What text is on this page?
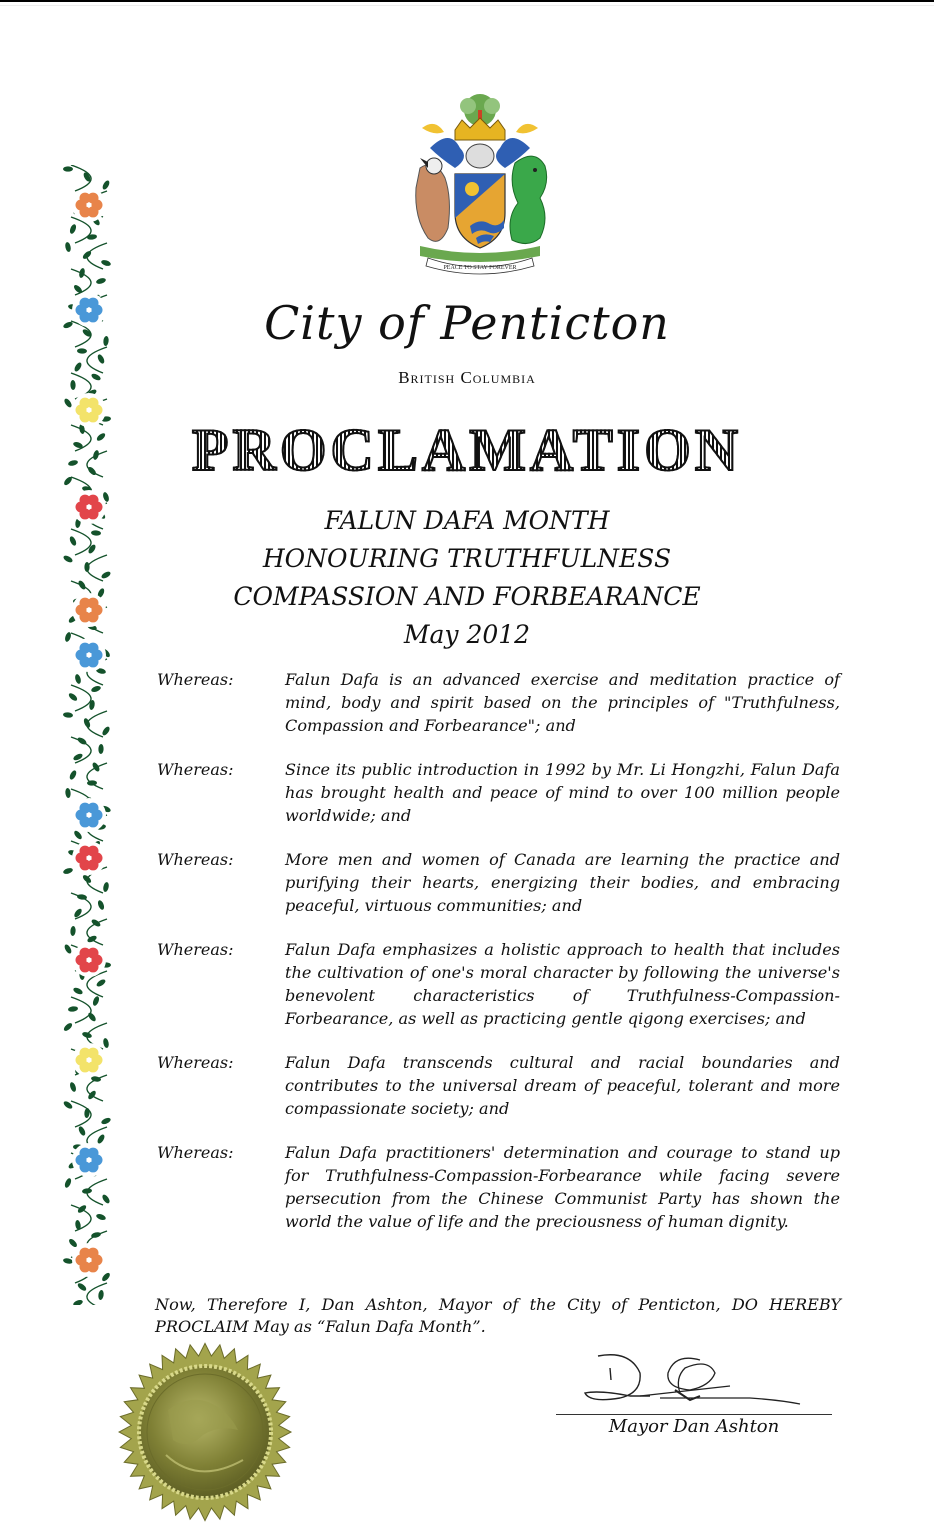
PEACE TO STAY FOREVER
City of Penticton
British Columbia
PROCLAMATION
FALUN DAFA MONTH
HONOURING TRUTHFULNESS
COMPASSION AND FORBEARANCE
May 2012
Whereas:	Falun Dafa is an advanced exercise and meditation practice of mind, body and spirit based on the principles of "Truthfulness, Compassion and Forbearance"; and
Whereas:	Since its public introduction in 1992 by Mr. Li Hongzhi, Falun Dafa has brought health and peace of mind to over 100 million people worldwide; and
Whereas:	More men and women of Canada are learning the practice and purifying their hearts, energizing their bodies, and embracing peaceful, virtuous communities; and
Whereas:	Falun Dafa emphasizes a holistic approach to health that includes the cultivation of one's moral character by following the universe's benevolent characteristics of Truthfulness-Compassion-Forbearance, as well as practicing gentle qigong exercises; and
Whereas:	Falun Dafa transcends cultural and racial boundaries and contributes to the universal dream of peaceful, tolerant and more compassionate society; and
Whereas:	Falun Dafa practitioners' determination and courage to stand up for Truthfulness-Compassion-Forbearance while facing severe persecution from the Chinese Communist Party has shown the world the value of life and the preciousness of human dignity.
Now, Therefore I, Dan Ashton, Mayor of the City of Penticton, DO HEREBY PROCLAIM May as “Falun Dafa Month”.
Mayor Dan Ashton
